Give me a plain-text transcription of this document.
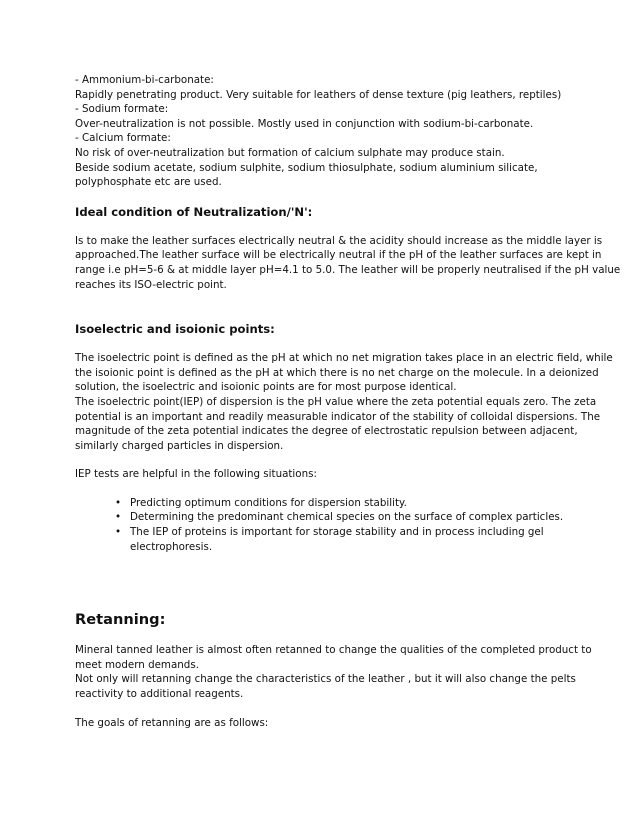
- Ammonium-bi-carbonate:
Rapidly penetrating product. Very suitable for leathers of dense texture (pig leathers, reptiles)
- Sodium formate:
Over-neutralization is not possible. Mostly used in conjunction with sodium-bi-carbonate.
- Calcium formate:
No risk of over-neutralization but formation of calcium sulphate may produce stain.
Beside sodium acetate, sodium sulphite, sodium thiosulphate, sodium aluminium silicate,
polyphosphate etc are used.
Ideal condition of Neutralization/'N':
Is to make the leather surfaces electrically neutral & the acidity should increase as the middle layer is
approached.The leather surface will be electrically neutral if the pH of the leather surfaces are kept in
range i.e pH=5-6 & at middle layer pH=4.1 to 5.0. The leather will be properly neutralised if the pH value
reaches its ISO-electric point.
Isoelectric and isoionic points:
The isoelectric point is defined as the pH at which no net migration takes place in an electric field, while
the isoionic point is defined as the pH at which there is no net charge on the molecule. In a deionized
solution, the isoelectric and isoionic points are for most purpose identical.
The isoelectric point(IEP) of dispersion is the pH value where the zeta potential equals zero. The zeta
potential is an important and readily measurable indicator of the stability of colloidal dispersions. The
magnitude of the zeta potential indicates the degree of electrostatic repulsion between adjacent,
similarly charged particles in dispersion.

IEP tests are helpful in the following situations:

• Predicting optimum conditions for dispersion stability.
• Determining the predominant chemical species on the surface of complex particles.
• The IEP of proteins is important for storage stability and in process including gel
electrophoresis.
Retanning:
Mineral tanned leather is almost often retanned to change the qualities of the completed product to
meet modern demands.
Not only will retanning change the characteristics of the leather , but it will also change the pelts
reactivity to additional reagents.

The goals of retanning are as follows:
